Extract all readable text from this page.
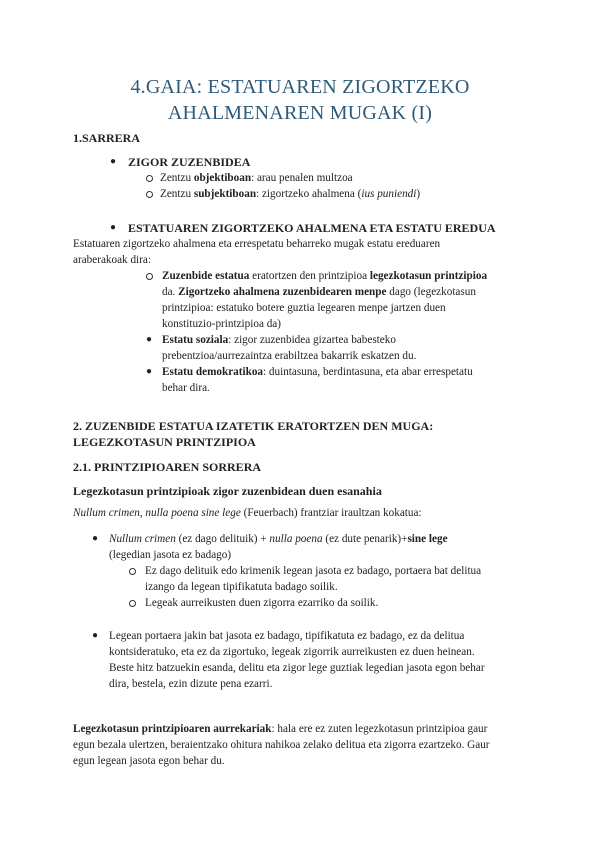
4.GAIA: ESTATUAREN ZIGORTZEKO
AHALMENAREN MUGAK (I)
1.SARRERA
● ZIGOR ZUZENBIDEA
Zentzu objektiboan: arau penalen multzoa
Zentzu subjektiboan: zigortzeko ahalmena (ius puniendi)
● ESTATUAREN ZIGORTZEKO AHALMENA ETA ESTATU EREDUA
Estatuaren zigortzeko ahalmena eta errespetatu beharreko mugak estatu ereduaren
araberakoak dira:
Zuzenbide estatua eratortzen den printzipioa legezkotasun printzipioa
da. Zigortzeko ahalmena zuzenbidearen menpe dago (legezkotasun
printzipioa: estatuko botere guztia legearen menpe jartzen duen
konstituzio-printzipioa da)
● Estatu soziala: zigor zuzenbidea gizartea babesteko
prebentzioa/aurrezaintza erabiltzea bakarrik eskatzen du.
● Estatu demokratikoa: duintasuna, berdintasuna, eta abar errespetatu
behar dira.
2. ZUZENBIDE ESTATUA IZATETIK ERATORTZEN DEN MUGA:
LEGEZKOTASUN PRINTZIPIOA
2.1. PRINTZIPIOAREN SORRERA
Legezkotasun printzipioak zigor zuzenbidean duen esanahia
Nullum crimen, nulla poena sine lege (Feuerbach) frantziar iraultzan kokatua:
● Nullum crimen (ez dago delituik) + nulla poena (ez dute penarik)+sine lege
(legedian jasota ez badago)
Ez dago delituik edo krimenik legean jasota ez badago, portaera bat delitua
izango da legean tipifikatuta badago soilik.
Legeak aurreikusten duen zigorra ezarriko da soilik.
● Legean portaera jakin bat jasota ez badago, tipifikatuta ez badago, ez da delitua
kontsideratuko, eta ez da zigortuko, legeak zigorrik aurreikusten ez duen heinean.
Beste hitz batzuekin esanda, delitu eta zigor lege guztiak legedian jasota egon behar
dira, bestela, ezin dizute pena ezarri.
Legezkotasun printzipioaren aurrekariak: hala ere ez zuten legezkotasun printzipioa gaur
egun bezala ulertzen, beraientzako ohitura nahikoa zelako delitua eta zigorra ezartzeko. Gaur
egun legean jasota egon behar du.
